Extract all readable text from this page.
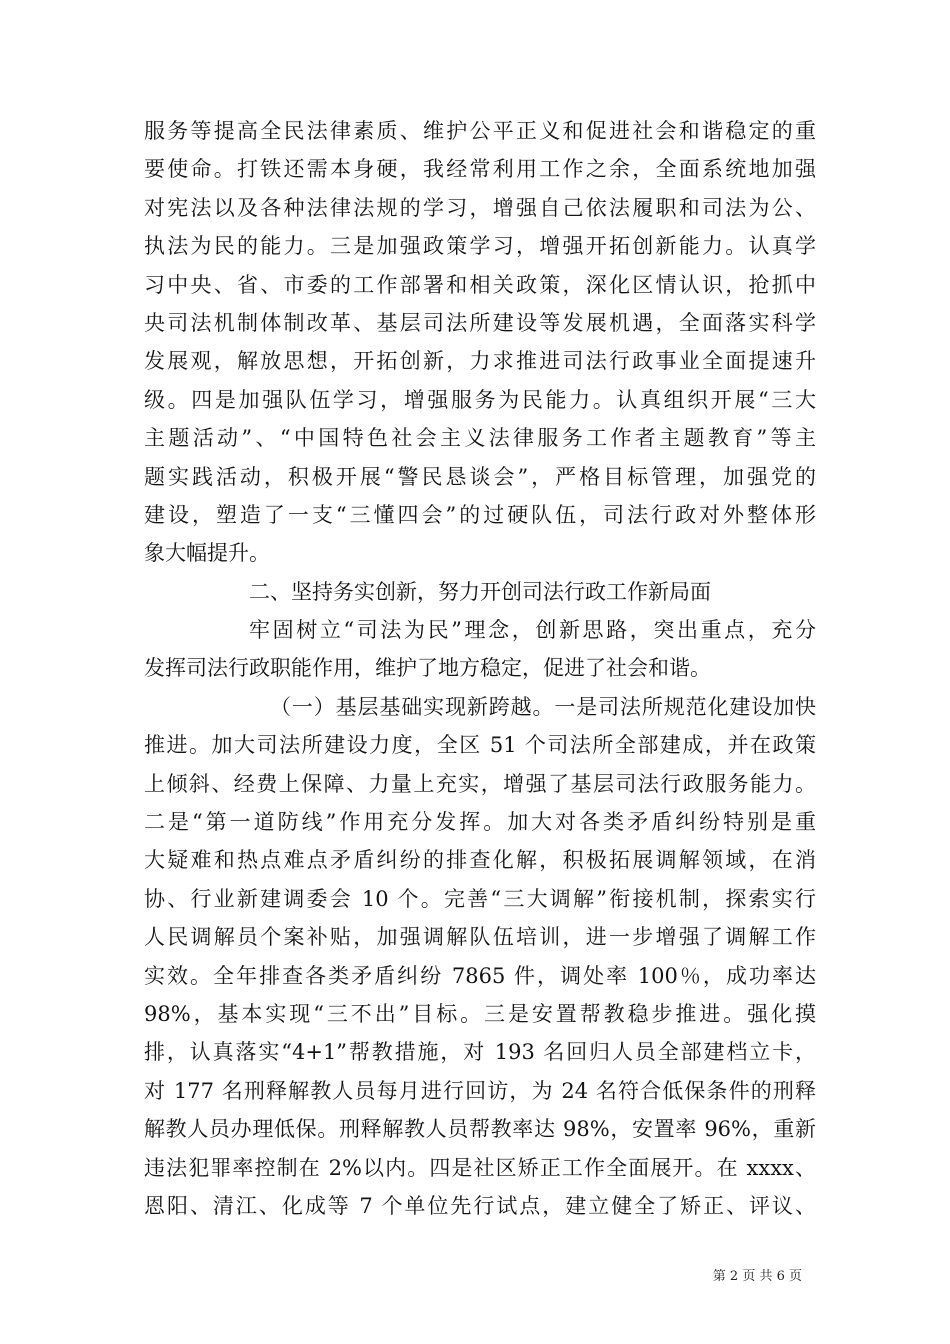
服务等提高全民法律素质、维护公平正义和促进社会和谐稳定的重
要使命。打铁还需本身硬，我经常利用工作之余，全面系统地加强
对宪法以及各种法律法规的学习，增强自己依法履职和司法为公、
执法为民的能力。三是加强政策学习，增强开拓创新能力。认真学
习中央、省、市委的工作部署和相关政策，深化区情认识，抢抓中
央司法机制体制改革、基层司法所建设等发展机遇，全面落实科学
发展观，解放思想，开拓创新，力求推进司法行政事业全面提速升
级。四是加强队伍学习，增强服务为民能力。认真组织开展“三大
主题活动”、“中国特色社会主义法律服务工作者主题教育”等主
题实践活动，积极开展“警民恳谈会”，严格目标管理，加强党的
建设，塑造了一支“三懂四会”的过硬队伍，司法行政对外整体形
象大幅提升。
二、坚持务实创新，努力开创司法行政工作新局面
牢固树立“司法为民”理念，创新思路，突出重点，充分
发挥司法行政职能作用，维护了地方稳定，促进了社会和谐。
（一）基层基础实现新跨越。一是司法所规范化建设加快
推进。加大司法所建设力度，全区 51 个司法所全部建成，并在政策
上倾斜、经费上保障、力量上充实，增强了基层司法行政服务能力。
二是“第一道防线”作用充分发挥。加大对各类矛盾纠纷特别是重
大疑难和热点难点矛盾纠纷的排查化解，积极拓展调解领域，在消
协、行业新建调委会 10 个。完善“三大调解”衔接机制，探索实行
人民调解员个案补贴，加强调解队伍培训，进一步增强了调解工作
实效。全年排查各类矛盾纠纷 7865 件，调处率 100％，成功率达
98%，基本实现“三不出”目标。三是安置帮教稳步推进。强化摸
排，认真落实“4+1”帮教措施，对 193 名回归人员全部建档立卡，
对 177 名刑释解教人员每月进行回访，为 24 名符合低保条件的刑释
解教人员办理低保。刑释解教人员帮教率达 98%，安置率 96%，重新
违法犯罪率控制在 2%以内。四是社区矫正工作全面展开。在 xxxx、
恩阳、清江、化成等 7 个单位先行试点，建立健全了矫正、评议、
第 2 页 共 6 页
